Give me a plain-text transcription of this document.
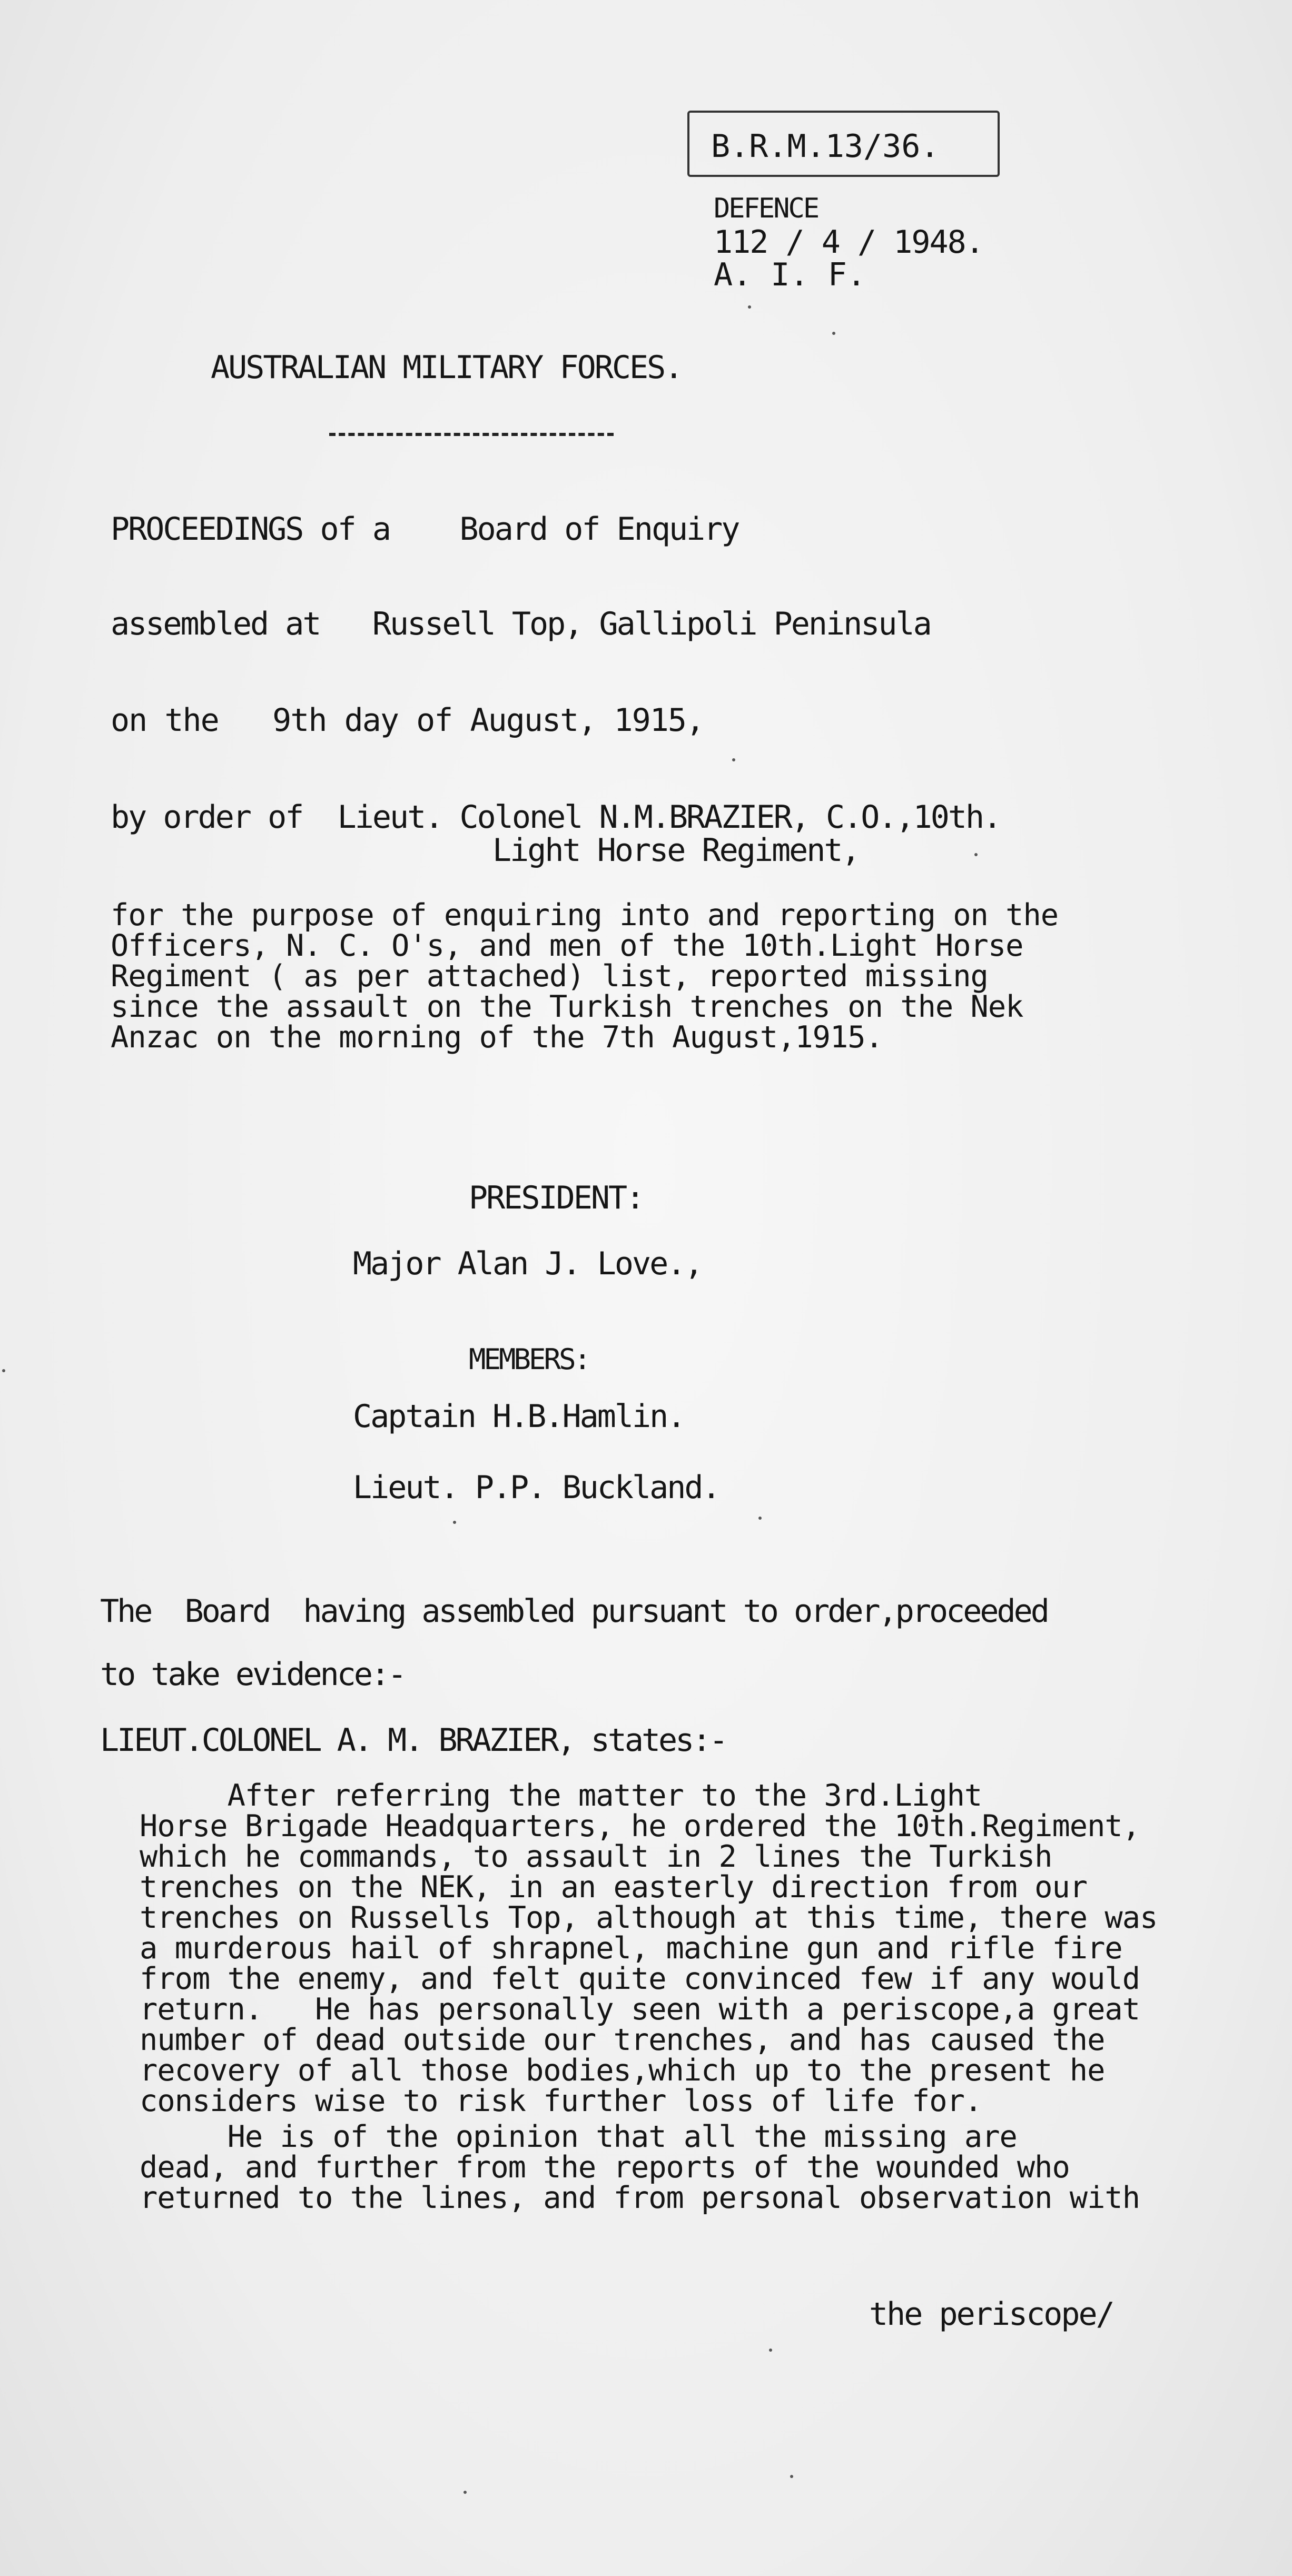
B.R.M.13/36.
DEFENCE
112 / 4 / 1948.
A. I. F.
AUSTRALIAN MILITARY FORCES.
PROCEEDINGS of a    Board of Enquiry
assembled at   Russell Top, Gallipoli Peninsula
on the   9th day of August, 1915,
by order of  Lieut. Colonel N.M.BRAZIER, C.O.,10th.
Light Horse Regiment,
for the purpose of enquiring into and reporting on the
Officers, N. C. O's, and men of the 10th.Light Horse
Regiment ( as per attached) list, reported missing
since the assault on the Turkish trenches on the Nek
Anzac on the morning of the 7th August,1915.
PRESIDENT:
Major Alan J. Love.,
MEMBERS:
Captain H.B.Hamlin.
Lieut. P.P. Buckland.
The  Board  having assembled pursuant to order,proceeded
to take evidence:-
LIEUT.COLONEL A. M. BRAZIER, states:-
After referring the matter to the 3rd.Light
Horse Brigade Headquarters, he ordered the 10th.Regiment,
which he commands, to assault in 2 lines the Turkish
trenches on the NEK, in an easterly direction from our
trenches on Russells Top, although at this time, there was
a murderous hail of shrapnel, machine gun and rifle fire
from the enemy, and felt quite convinced few if any would
return.   He has personally seen with a periscope,a great
number of dead outside our trenches, and has caused the
recovery of all those bodies,which up to the present he
considers wise to risk further loss of life for.
He is of the opinion that all the missing are
dead, and further from the reports of the wounded who
returned to the lines, and from personal observation with
the periscope/
